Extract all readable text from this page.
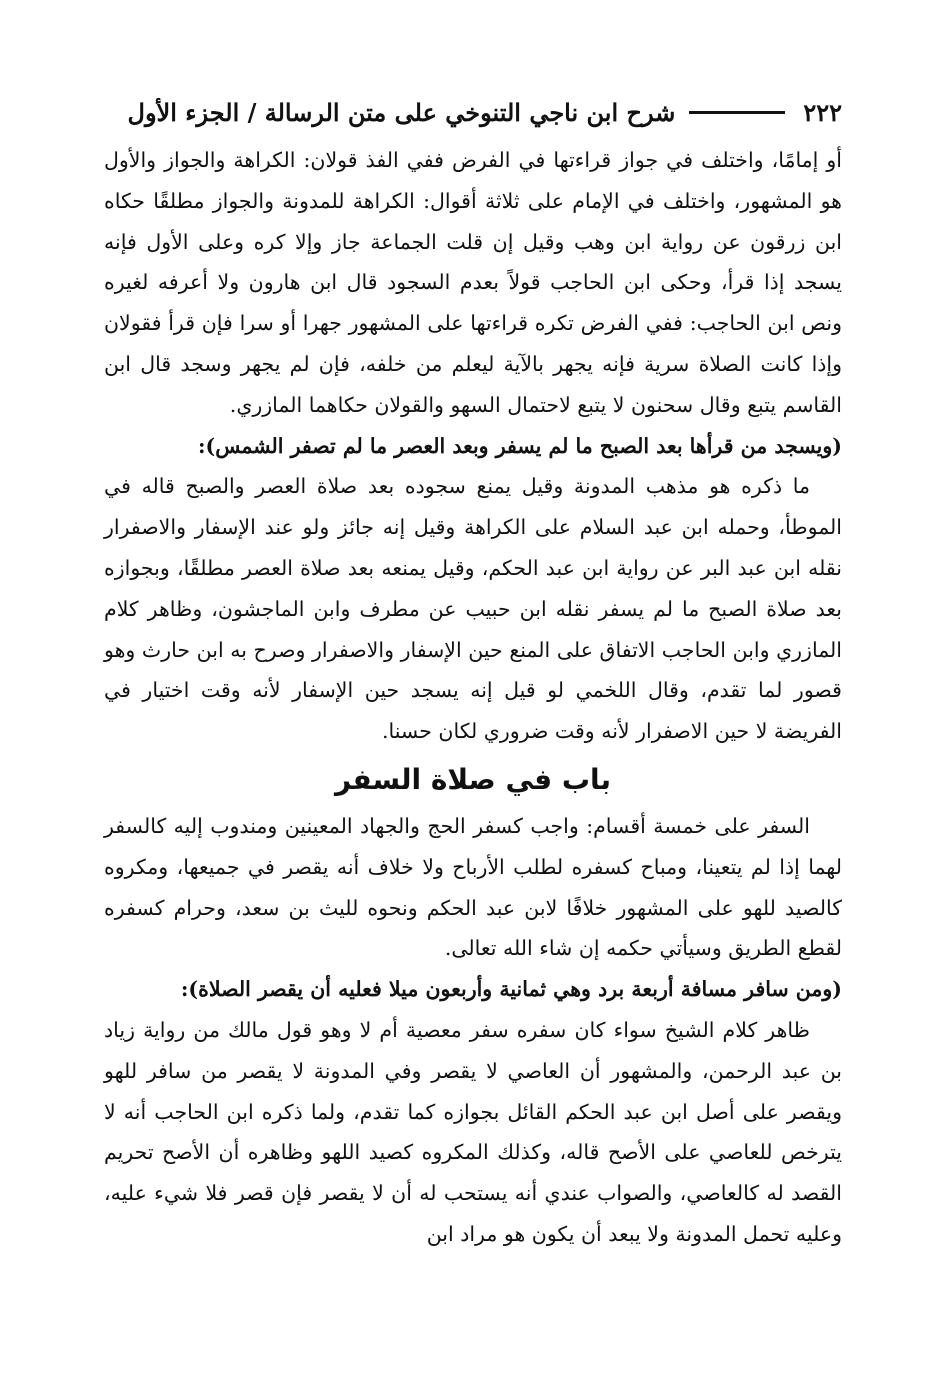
٢٢٢
شرح ابن ناجي التنوخي على متن الرسالة / الجزء الأول

أو إمامًا، واختلف في جواز قراءتها في الفرض ففي الفذ قولان: الكراهة والجواز والأول هو المشهور، واختلف في الإمام على ثلاثة أقوال: الكراهة للمدونة والجواز مطلقًا حكاه ابن زرقون عن رواية ابن وهب وقيل إن قلت الجماعة جاز وإلا كره وعلى الأول فإنه يسجد إذا قرأ، وحكى ابن الحاجب قولاً بعدم السجود قال ابن هارون ولا أعرفه لغيره ونص ابن الحاجب: ففي الفرض تكره قراءتها على المشهور جهرا أو سرا فإن قرأ فقولان وإذا كانت الصلاة سرية فإنه يجهر بالآية ليعلم من خلفه، فإن لم يجهر وسجد قال ابن القاسم يتبع وقال سحنون لا يتبع لاحتمال السهو والقولان حكاهما المازري.

(ويسجد من قرأها بعد الصبح ما لم يسفر وبعد العصر ما لم تصفر الشمس):

ما ذكره هو مذهب المدونة وقيل يمنع سجوده بعد صلاة العصر والصبح قاله في الموطأ، وحمله ابن عبد السلام على الكراهة وقيل إنه جائز ولو عند الإسفار والاصفرار نقله ابن عبد البر عن رواية ابن عبد الحكم، وقيل يمنعه بعد صلاة العصر مطلقًا، وبجوازه بعد صلاة الصبح ما لم يسفر نقله ابن حبيب عن مطرف وابن الماجشون، وظاهر كلام المازري وابن الحاجب الاتفاق على المنع حين الإسفار والاصفرار وصرح به ابن حارث وهو قصور لما تقدم، وقال اللخمي لو قيل إنه يسجد حين الإسفار لأنه وقت اختيار في الفريضة لا حين الاصفرار لأنه وقت ضروري لكان حسنا.

باب في صلاة السفر

السفر على خمسة أقسام: واجب كسفر الحج والجهاد المعينين ومندوب إليه كالسفر لهما إذا لم يتعينا، ومباح كسفره لطلب الأرباح ولا خلاف أنه يقصر في جميعها، ومكروه كالصيد للهو على المشهور خلافًا لابن عبد الحكم ونحوه لليث بن سعد، وحرام كسفره لقطع الطريق وسيأتي حكمه إن شاء الله تعالى.

(ومن سافر مسافة أربعة برد وهي ثمانية وأربعون ميلا فعليه أن يقصر الصلاة):

ظاهر كلام الشيخ سواء كان سفره سفر معصية أم لا وهو قول مالك من رواية زياد بن عبد الرحمن، والمشهور أن العاصي لا يقصر وفي المدونة لا يقصر من سافر للهو ويقصر على أصل ابن عبد الحكم القائل بجوازه كما تقدم، ولما ذكره ابن الحاجب أنه لا يترخص للعاصي على الأصح قاله، وكذلك المكروه كصيد اللهو وظاهره أن الأصح تحريم القصد له كالعاصي، والصواب عندي أنه يستحب له أن لا يقصر فإن قصر فلا شيء عليه، وعليه تحمل المدونة ولا يبعد أن يكون هو مراد ابن
